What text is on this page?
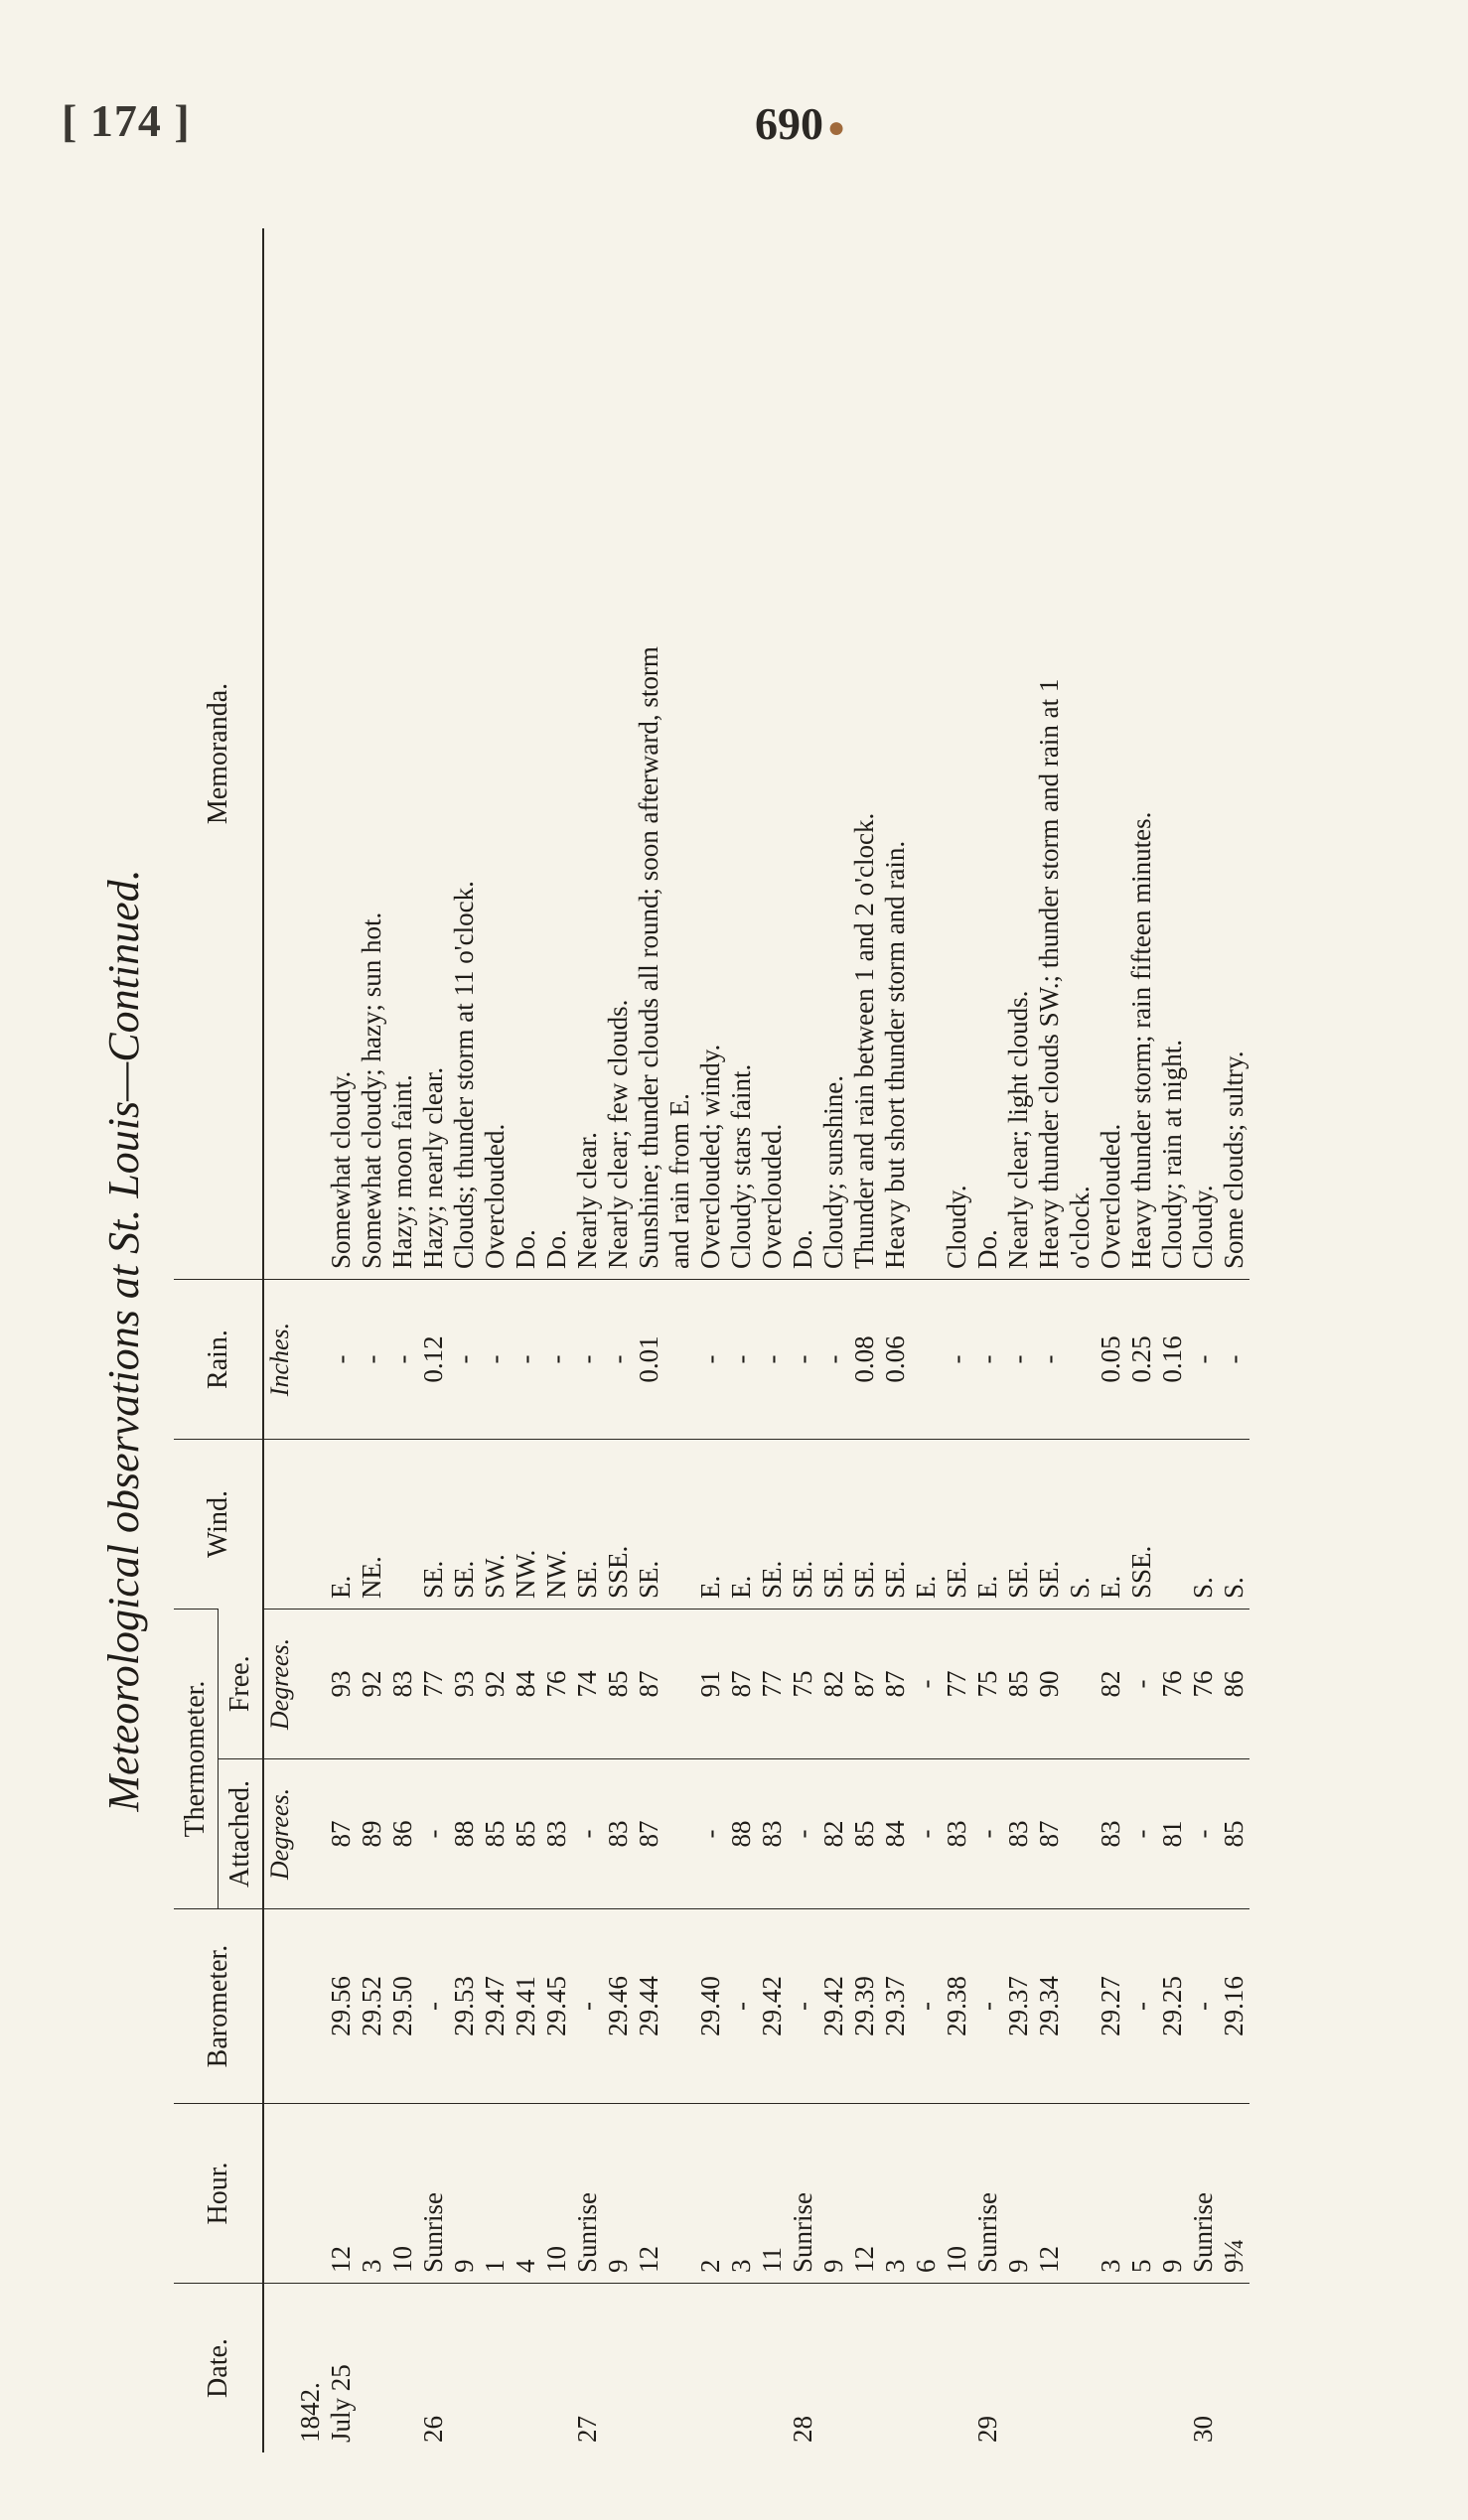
[ 174 ]	690 ●
Meteorological observations at St. Louis—Continued.
Date.	Hour.	Barometer.	Thermometer.		Wind.	Rain.	Memoranda.
			Attached.	Free.			
			Degrees.	Degrees.		Inches.	
1842.							
July 25	12	29.56	87	93	E.	-	Somewhat cloudy.
	3	29.52	89	92	NE.	-	Somewhat cloudy; hazy; sun hot.
	10	29.50	86	83		-	Hazy; moon faint.
26	Sunrise	-	-	77	SE.	0.12	Hazy; nearly clear.
	9	29.53	88	93	SE.	-	Clouds; thunder storm at 11 o'clock.
	1	29.47	85	92	SW.	-	Overclouded.
	4	29.41	85	84	NW.	-	Do.
	10	29.45	83	76	NW.	-	Do.
27	Sunrise	-	-	74	SE.	-	Nearly clear.
	9	29.46	83	85	SSE.	-	Nearly clear; few clouds.
	12	29.44	87	87	SE.	0.01	Sunshine; thunder clouds all round; soon afterward, storm
							and rain from E.
	2	29.40	-	91	E.	-	Overclouded; windy.
	3	-	88	87	E.	-	Cloudy; stars faint.
	11	29.42	83	77	SE.	-	Overclouded.
28	Sunrise	-	-	75	SE.	-	Do.
	9	29.42	82	82	SE.	-	Cloudy; sunshine.
	12	29.39	85	87	SE.	0.08	Thunder and rain between 1 and 2 o'clock.
	3	29.37	84	87	SE.	0.06	Heavy but short thunder storm and rain.
	6	-	-	-	E.		
	10	29.38	83	77	SE.	-	Cloudy.
29	Sunrise	-	-	75	E.	-	Do.
	9	29.37	83	85	SE.	-	Nearly clear; light clouds.
	12	29.34	87	90	SE.	-	Heavy thunder clouds SW.; thunder storm and rain at 1
					S.		o'clock.
	3	29.27	83	82	E.	0.05	Overclouded.
	5	-	-	-	SSE.	0.25	Heavy thunder storm; rain fifteen minutes.
	9	29.25	81	76		0.16	Cloudy; rain at night.
30	Sunrise	-	-	76	S.	-	Cloudy.
	9¼	29.16	85	86	S.	-	Some clouds; sultry.
